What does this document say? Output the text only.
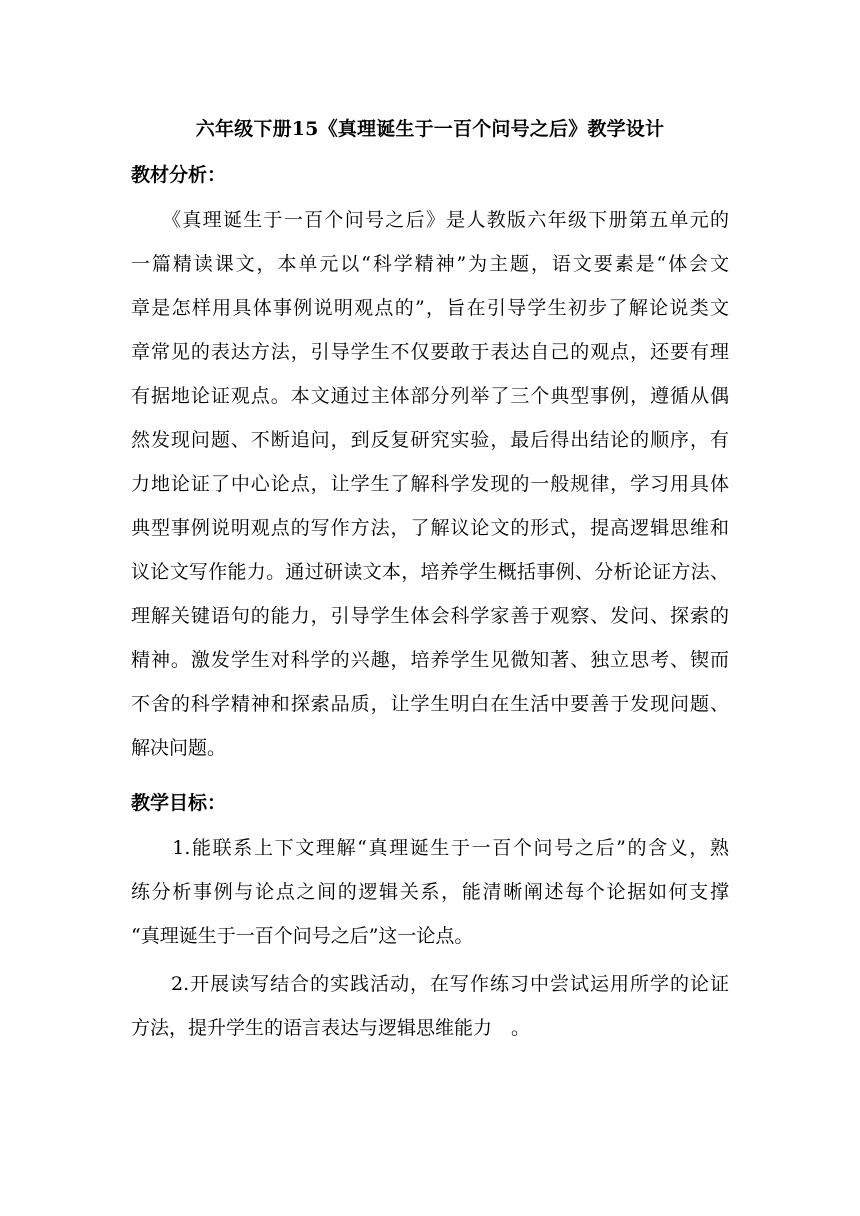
六年级下册15《真理诞生于一百个问号之后》教学设计
教材分析：
　　《真理诞生于一百个问号之后》是人教版六年级下册第五单元的
一篇精读课文，本单元以“科学精神”为主题，语文要素是“体会文
章是怎样用具体事例说明观点的”，旨在引导学生初步了解论说类文
章常见的表达方法，引导学生不仅要敢于表达自己的观点，还要有理
有据地论证观点。本文通过主体部分列举了三个典型事例，遵循从偶
然发现问题、不断追问，到反复研究实验，最后得出结论的顺序，有
力地论证了中心论点，让学生了解科学发现的一般规律，学习用具体
典型事例说明观点的写作方法，了解议论文的形式，提高逻辑思维和
议论文写作能力。通过研读文本，培养学生概括事例、分析论证方法、
理解关键语句的能力，引导学生体会科学家善于观察、发问、探索的
精神。激发学生对科学的兴趣，培养学生见微知著、独立思考、锲而
不舍的科学精神和探索品质，让学生明白在生活中要善于发现问题、
解决问题。
教学目标：
　　1.能联系上下文理解“真理诞生于一百个问号之后”的含义，熟
练分析事例与论点之间的逻辑关系，能清晰阐述每个论据如何支撑
“真理诞生于一百个问号之后”这一论点。
　　2.开展读写结合的实践活动，在写作练习中尝试运用所学的论证
方法，提升学生的语言表达与逻辑思维能力　。
